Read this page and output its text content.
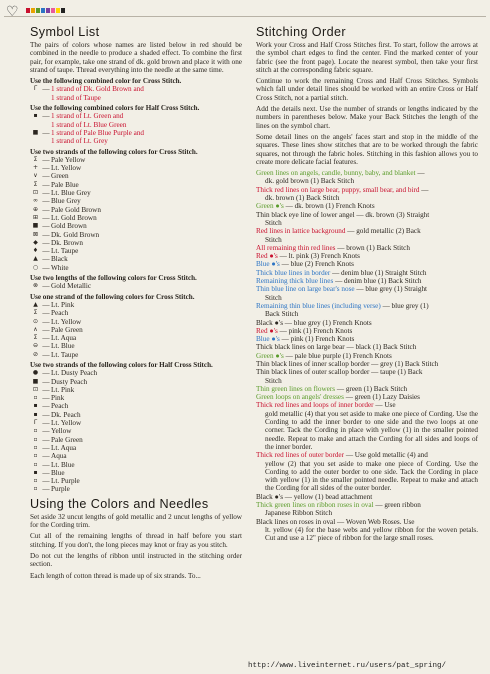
♡
Symbol List

The pairs of colors whose names are listed below in red should be combined in the needle to produce a shaded effect. To combine the first pair, for example, take one strand of dk. gold brown and place it with one strand of taupe. Thread everything into the needle at the same time.

Use the following combined color for Cross Stitch.
Γ — 1 strand of Dk. Gold Brown and
1 strand of Taupe
Use the following combined colors for Half Cross Stitch.
▪ — 1 strand of Lt. Green and
1 strand of Lt. Blue Green
■ — 1 strand of Pale Blue Purple and
1 strand of Lt. Grey
Use two strands of the following colors for Cross Stitch.
Σ — Pale Yellow
+ — Lt. Yellow
∨ — Green
Σ — Pale Blue
⊡ — Lt. Blue Grey
∞ — Blue Grey
⊕ — Pale Gold Brown
⊞ — Lt. Gold Brown
■ — Gold Brown
⊠ — Dk. Gold Brown
◆ — Dk. Brown
♦ — Lt. Taupe
▲ — Black
○ — White
Use two lengths of the following colors for Cross Stitch.
⊗ — Gold Metallic
Use one strand of the following colors for Cross Stitch.
▲ — Lt. Pink
Σ — Peach
⊙ — Lt. Yellow
∧ — Pale Green
Σ — Lt. Aqua
⊖ — Lt. Blue
⊘ — Lt. Taupe
Use two strands of the following colors for Half Cross Stitch.
● — Lt. Dusty Peach
■ — Dusty Peach
⊡ — Lt. Pink
▫ — Pink
▪ — Peach
▪ — Dk. Peach
Γ — Lt. Yellow
▫ — Yellow
▫ — Pale Green
▫ — Lt. Aqua
▫ — Aqua
▫ — Lt. Blue
▪ — Blue
▫ — Lt. Purple
▫ — Purple
Using the Colors and Needles

Set aside 32 uncut lengths of gold metallic and 2 uncut lengths of yellow for the Cording trim.

Cut all of the remaining lengths of thread in half before you start stitching. If you don't, the long pieces may knot or fray as you stitch.

Do not cut the lengths of ribbon until instructed in the stitching order section.

Each length of cotton thread is made up of six strands. To...

Stitching Order

Work your Cross and Half Cross Stitches first. To start, follow the arrows at the symbol chart edges to find the center. Find the marked center of your fabric (see the front page). Locate the nearest symbol, then take your first stitch at the corresponding fabric square.

Continue to work the remaining Cross and Half Cross Stitches. Symbols which fall under detail lines should be worked with an entire Cross or Half Cross Stitch, not a partial stitch.

Add the details next. Use the number of strands or lengths indicated by the numbers in parentheses below. Make your Back Stitches the length of the lines on the symbol chart.

Some detail lines on the angels' faces start and stop in the middle of the squares. These lines show stitches that are to be worked through the fabric squares, not through the fabric holes. Stitching in this fashion allows you to create more delicate facial features.

Green lines on angels, candle, bunny, baby, and blanket —
dk. gold brown (1) Back Stitch

Thick red lines on large bear, puppy, small bear, and bird —
dk. brown (1) Back Stitch

Green ●'s — dk. brown (1) French Knots

Thin black eye line of lower angel — dk. brown (3) Straight
Stitch

Red lines in lattice background — gold metallic (2) Back
Stitch

All remaining thin red lines — brown (1) Back Stitch

Red ●'s — lt. pink (3) French Knots

Blue ●'s — blue (2) French Knots

Thick blue lines in border — denim blue (1) Straight Stitch

Remaining thick blue lines — denim blue (1) Back Stitch

Thin blue line on large bear's nose — blue grey (1) Straight
Stitch

Remaining thin blue lines (including verse) — blue grey (1)
Back Stitch

Black ●'s — blue grey (1) French Knots

Red ●'s — pink (1) French Knots

Blue ●'s — pink (1) French Knots

Thick black lines on large bear — black (1) Back Stitch

Green ●'s — pale blue purple (1) French Knots

Thin black lines of inner scallop border — grey (1) Back Stitch

Thin black lines of outer scallop border — taupe (1) Back
Stitch

Thin green lines on flowers — green (1) Back Stitch

Green loops on angels' dresses — green (1) Lazy Daisies

Thick red lines and loops of inner border — Use
gold metallic (4) that you set aside to make one piece of Cording. Use the Cording to add the inner border to one side and the two loops at one corner. Tack the Cording in place with yellow (1) in the smaller pointed needle. Repeat to make and attach the Cording for all sides and loops of the inner border.

Thick red lines of outer border — Use gold metallic (4) and
yellow (2) that you set aside to make one piece of Cording. Use the Cording to add the outer border to one side. Tack the Cording in place with yellow (1) in the smaller pointed needle. Repeat to make and attach the Cording for all sides of the outer border.

Black ●'s — yellow (1) bead attachment

Thick green lines on ribbon roses in oval — green ribbon
Japanese Ribbon Stitch

Black lines on roses in oval — Woven Web Roses. Use
lt. yellow (4) for the base webs and yellow ribbon for the woven petals. Cut and use a 12" piece of ribbon for the large small roses.

http://www.liveinternet.ru/users/pat_spring/
